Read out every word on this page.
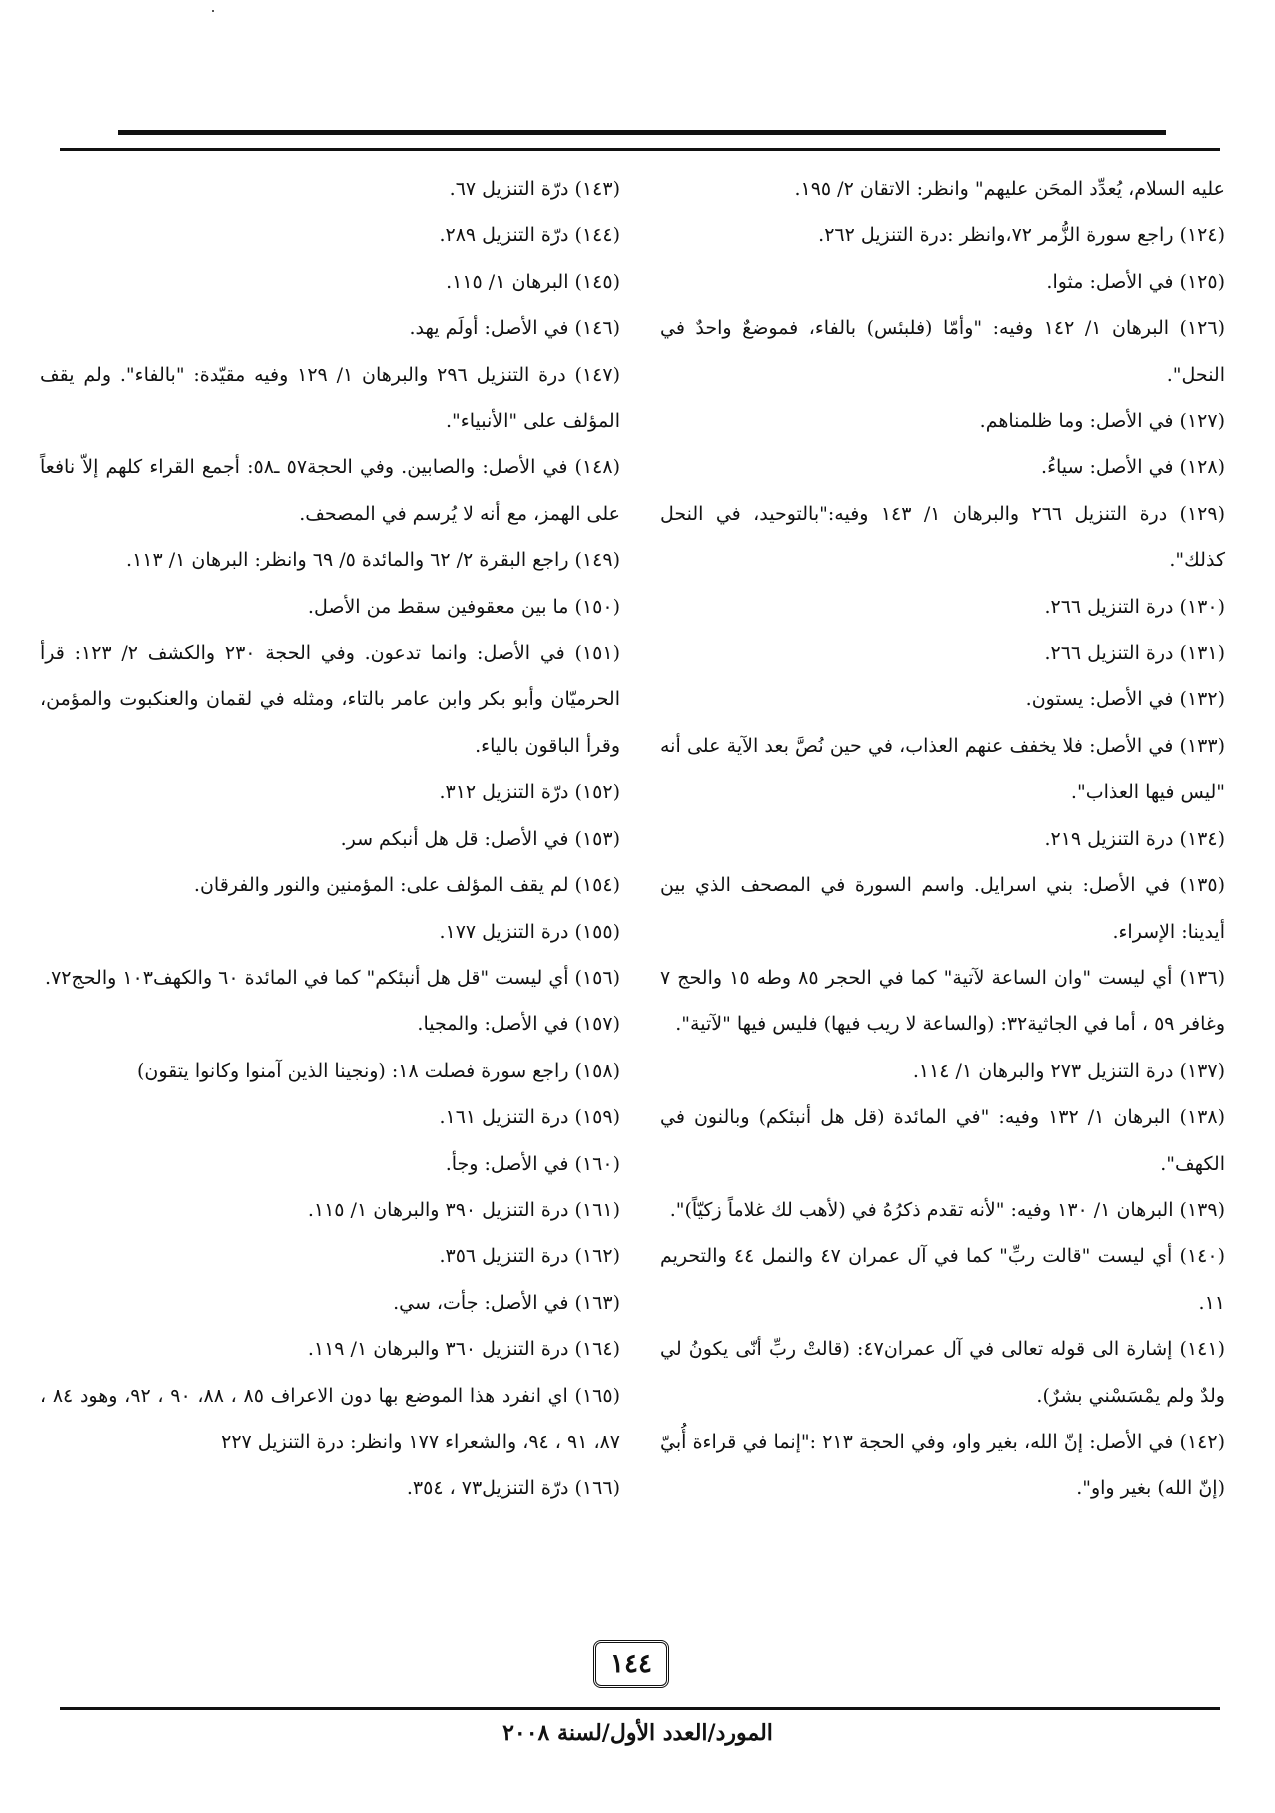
عليه السلام، يُعدِّد المحَن عليهم" وانظر: الاتقان ٢/ ١٩٥.

(١٢٤) راجع سورة الزُّمر ٧٢،وانظر :درة التنزيل ٢٦٢.

(١٢٥) في الأصل: مثوا.

(١٢٦) البرهان ١/ ١٤٢ وفيه: "وأمّا (فلبئس) بالفاء، فموضعٌ واحدٌ في النحل".

(١٢٧) في الأصل: وما ظلمناهم.

(١٢٨) في الأصل: سياءُ.

(١٢٩) درة التنزيل ٢٦٦ والبرهان ١/ ١٤٣ وفيه:"بالتوحيد، في النحل كذلك".

(١٣٠) درة التنزيل ٢٦٦.

(١٣١) درة التنزيل ٢٦٦.

(١٣٢) في الأصل: يستون.

(١٣٣) في الأصل: فلا يخفف عنهم العذاب، في حين نُصَّ بعد الآية على أنه "ليس فيها العذاب".

(١٣٤) درة التنزيل ٢١٩.

(١٣٥) في الأصل: بني اسرايل. واسم السورة في المصحف الذي بين أيدينا: الإسراء.

(١٣٦) أي ليست "وان الساعة لآتية" كما في الحجر ٨٥ وطه ١٥ والحج ٧ وغافر ٥٩ ، أما في الجاثية٣٢: (والساعة لا ريب فيها) فليس فيها "لآتية".

(١٣٧) درة التنزيل ٢٧٣ والبرهان ١/ ١١٤.

(١٣٨) البرهان ١/ ١٣٢ وفيه: "في المائدة (قل هل أنبئكم) وبالنون في الكهف".

(١٣٩) البرهان ١/ ١٣٠ وفيه: "لأنه تقدم ذكرُهُ في (لأهب لك غلاماً زكيّاً)".

(١٤٠) أي ليست "قالت ربِّ" كما في آل عمران ٤٧ والنمل ٤٤ والتحريم ١١.

(١٤١) إشارة الى قوله تعالى في آل عمران٤٧: (قالتْ ربِّ أنّى يكونُ لي ولدٌ ولم يمْسَسْني بشرٌ).

(١٤٢) في الأصل: إنّ الله، بغير واو، وفي الحجة ٢١٣ :"إنما في قراءة أُبيّ (إنّ الله) بغير واو".

(١٤٣) درّة التنزيل ٦٧.

(١٤٤) درّة التنزيل ٢٨٩.

(١٤٥) البرهان ١/ ١١٥.

(١٤٦) في الأصل: أولَم يهد.

(١٤٧) درة التنزيل ٢٩٦ والبرهان ١/ ١٢٩ وفيه مقيّدة: "بالفاء". ولم يقف المؤلف على "الأنبياء".

(١٤٨) في الأصل: والصابين. وفي الحجة٥٧ ـ٥٨: أجمع القراء كلهم إلاّ نافعاً على الهمز، مع أنه لا يُرسم في المصحف.

(١٤٩) راجع البقرة ٢/ ٦٢ والمائدة ٥/ ٦٩ وانظر: البرهان ١/ ١١٣.

(١٥٠) ما بين معقوفين سقط من الأصل.

(١٥١) في الأصل: وانما تدعون. وفي الحجة ٢٣٠ والكشف ٢/ ١٢٣: قرأ الحرميّان وأبو بكر وابن عامر بالتاء، ومثله في لقمان والعنكبوت والمؤمن، وقرأ الباقون بالياء.

(١٥٢) درّة التنزيل ٣١٢.

(١٥٣) في الأصل: قل هل أنبكم سر.

(١٥٤) لم يقف المؤلف على: المؤمنين والنور والفرقان.

(١٥٥) درة التنزيل ١٧٧.

(١٥٦) أي ليست "قل هل أنبئكم" كما في المائدة ٦٠ والكهف١٠٣ والحج٧٢.

(١٥٧) في الأصل: والمجيا.

(١٥٨) راجع سورة فصلت ١٨: (ونجينا الذين آمنوا وكانوا يتقون)

(١٥٩) درة التنزيل ١٦١.

(١٦٠) في الأصل: وجأ.

(١٦١) درة التنزيل ٣٩٠ والبرهان ١/ ١١٥.

(١٦٢) درة التنزيل ٣٥٦.

(١٦٣) في الأصل: جأت، سي.

(١٦٤) درة التنزيل ٣٦٠ والبرهان ١/ ١١٩.

(١٦٥) اي انفرد هذا الموضع بها دون الاعراف ٨٥ ، ٨٨، ٩٠ ، ٩٢، وهود ٨٤ ، ٨٧، ٩١ ، ٩٤، والشعراء ١٧٧ وانظر: درة التنزيل ٢٢٧

(١٦٦) درّة التنزيل٧٣ ، ٣٥٤.

١٤٤
المورد/العدد الأول/لسنة ٢٠٠٨
